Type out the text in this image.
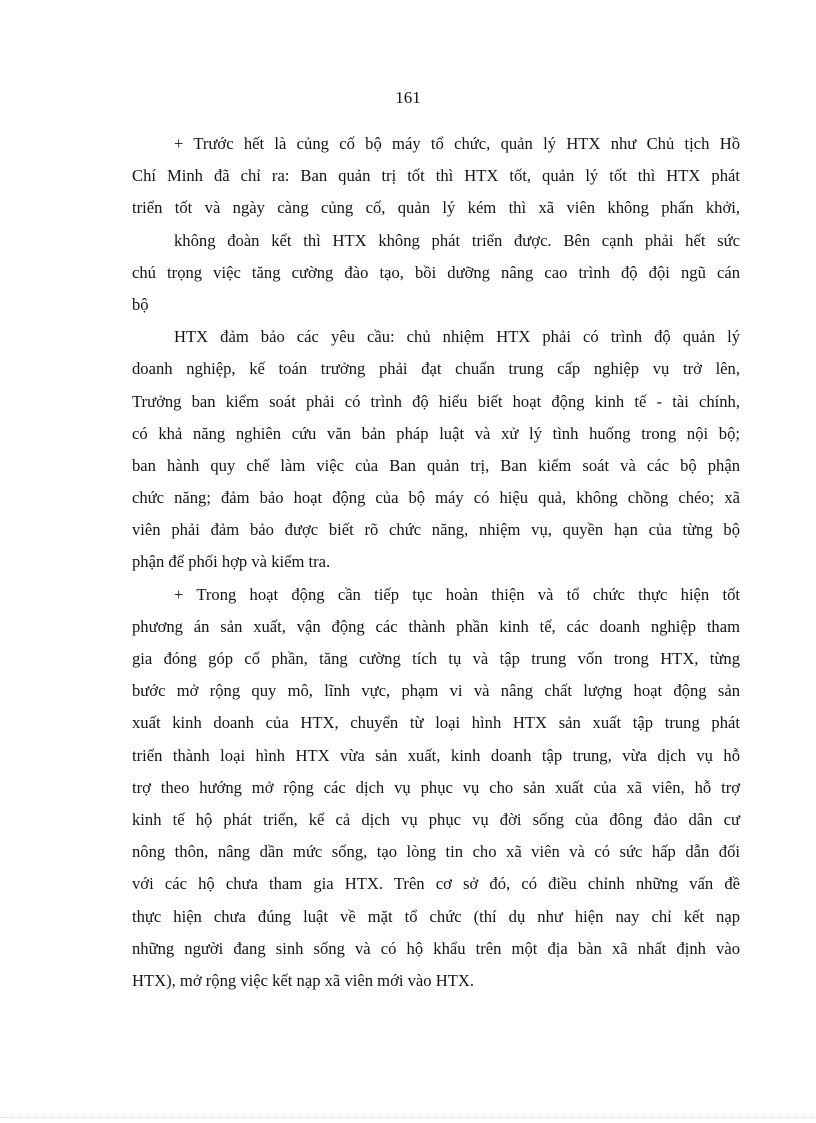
161
+ Trước hết là củng cố bộ máy tổ chức, quản lý HTX như Chủ tịch Hồ
Chí Minh đã chỉ ra: Ban quản trị tốt thì HTX tốt, quản lý tốt thì HTX phát
triển tốt và ngày càng củng cố, quản lý kém thì xã viên không phấn khởi,
không đoàn kết thì HTX không phát triển được. Bên cạnh phải hết sức
chú trọng việc tăng cường đào tạo, bồi dưỡng nâng cao trình độ đội ngũ cán
bộ
HTX đảm bảo các yêu cầu: chủ nhiệm HTX phải có trình độ quản lý
doanh nghiệp, kế toán trưởng phải đạt chuẩn trung cấp nghiệp vụ trở lên,
Trưởng ban kiểm soát phải có trình độ hiểu biết hoạt động kinh tế - tài chính,
có khả năng nghiên cứu văn bản pháp luật và xử lý tình huống trong nội bộ;
ban hành quy chế làm việc của Ban quản trị, Ban kiểm soát và các bộ phận
chức năng; đảm bảo hoạt động của bộ máy có hiệu quả, không chồng chéo; xã
viên phải đảm bảo được biết rõ chức năng, nhiệm vụ, quyền hạn của từng bộ
phận để phối hợp và kiểm tra.
+ Trong hoạt động cần tiếp tục hoàn thiện và tổ chức thực hiện tốt
phương án sản xuất, vận động các thành phần kinh tế, các doanh nghiệp tham
gia đóng góp cổ phần, tăng cường tích tụ và tập trung vốn trong HTX, từng
bước mở rộng quy mô, lĩnh vực, phạm vi và nâng chất lượng hoạt động sản
xuất kinh doanh của HTX, chuyển từ loại hình HTX sản xuất tập trung phát
triển thành loại hình HTX vừa sản xuất, kinh doanh tập trung, vừa dịch vụ hỗ
trợ theo hướng mở rộng các dịch vụ phục vụ cho sản xuất của xã viên, hỗ trợ
kinh tế hộ phát triển, kể cả dịch vụ phục vụ đời sống của đông đảo dân cư
nông thôn, nâng dần mức sống, tạo lòng tin cho xã viên và có sức hấp dẫn đối
với các hộ chưa tham gia HTX. Trên cơ sở đó, có điều chỉnh những vấn đề
thực hiện chưa đúng luật về mặt tổ chức (thí dụ như hiện nay chỉ kết nạp
những người đang sinh sống và có hộ khẩu trên một địa bàn xã nhất định vào
HTX), mở rộng việc kết nạp xã viên mới vào HTX.
